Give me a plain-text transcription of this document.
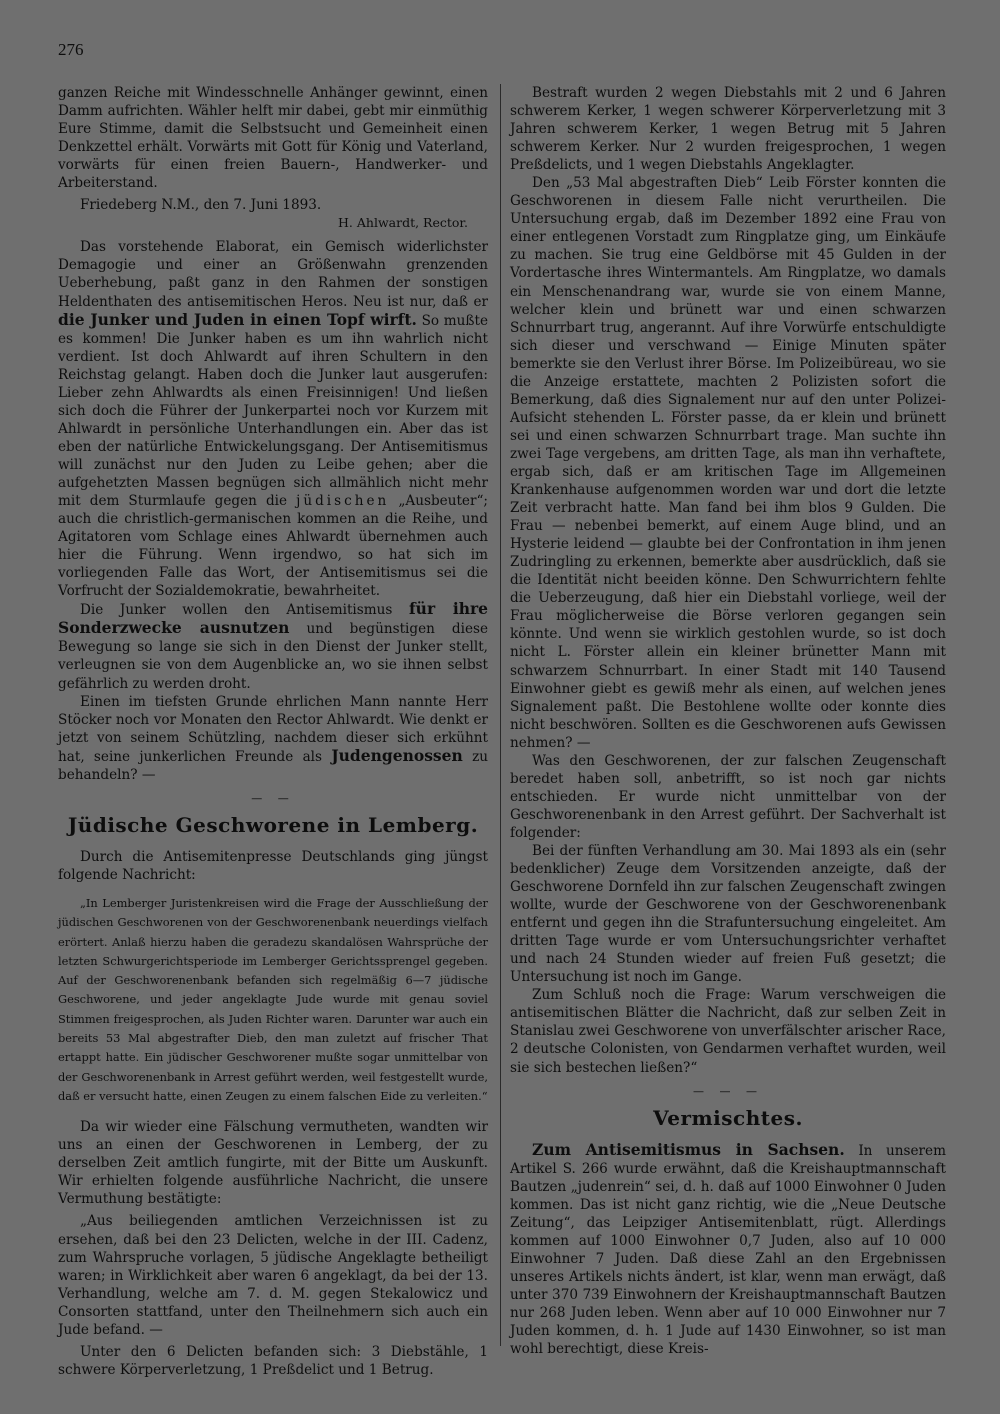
276

ganzen Reiche mit Windesschnelle Anhänger gewinnt, einen Damm aufrichten. Wähler helft mir dabei, gebt mir einmüthig Eure Stimme, damit die Selbstsucht und Gemeinheit einen Denkzettel erhält. Vorwärts mit Gott für König und Vaterland, vorwärts für einen freien Bauern-, Handwerker- und Arbeiterstand.

Friedeberg N.M., den 7. Juni 1893.
H. Ahlwardt, Rector.

Das vorstehende Elaborat, ein Gemisch widerlichster Demagogie und einer an Größenwahn grenzenden Ueberhebung, paßt ganz in den Rahmen der sonstigen Heldenthaten des antisemitischen Heros. Neu ist nur, daß er die Junker und Juden in einen Topf wirft. So mußte es kommen! Die Junker haben es um ihn wahrlich nicht verdient. Ist doch Ahlwardt auf ihren Schultern in den Reichstag gelangt. Haben doch die Junker laut ausgerufen: Lieber zehn Ahlwardts als einen Freisinnigen! Und ließen sich doch die Führer der Junkerpartei noch vor Kurzem mit Ahlwardt in persönliche Unterhandlungen ein. Aber das ist eben der natürliche Entwickelungsgang. Der Antisemitismus will zunächst nur den Juden zu Leibe gehen; aber die aufgehetzten Massen begnügen sich allmählich nicht mehr mit dem Sturmlaufe gegen die jüdischen „Ausbeuter“; auch die christlich-germanischen kommen an die Reihe, und Agitatoren vom Schlage eines Ahlwardt übernehmen auch hier die Führung. Wenn irgendwo, so hat sich im vorliegenden Falle das Wort, der Antisemitismus sei die Vorfrucht der Sozialdemokratie, bewahrheitet.

Die Junker wollen den Antisemitismus für ihre Sonderzwecke ausnutzen und begünstigen diese Bewegung so lange sie sich in den Dienst der Junker stellt, verleugnen sie von dem Augenblicke an, wo sie ihnen selbst gefährlich zu werden droht.

Einen im tiefsten Grunde ehrlichen Mann nannte Herr Stöcker noch vor Monaten den Rector Ahlwardt. Wie denkt er jetzt von seinem Schützling, nachdem dieser sich erkühnt hat, seine junkerlichen Freunde als Judengenossen zu behandeln? —

— —
Jüdische Geschworene in Lemberg.

Durch die Antisemitenpresse Deutschlands ging jüngst folgende Nachricht:

„In Lemberger Juristenkreisen wird die Frage der Ausschließung der jüdischen Geschworenen von der Geschworenenbank neuerdings vielfach erörtert. Anlaß hierzu haben die geradezu skandalösen Wahrsprüche der letzten Schwurgerichtsperiode im Lemberger Gerichtssprengel gegeben. Auf der Geschworenenbank befanden sich regelmäßig 6—7 jüdische Geschworene, und jeder angeklagte Jude wurde mit genau soviel Stimmen freigesprochen, als Juden Richter waren. Darunter war auch ein bereits 53 Mal abgestrafter Dieb, den man zuletzt auf frischer That ertappt hatte. Ein jüdischer Geschworener mußte sogar unmittelbar von der Geschworenenbank in Arrest geführt werden, weil festgestellt wurde, daß er versucht hatte, einen Zeugen zu einem falschen Eide zu verleiten.“

Da wir wieder eine Fälschung vermutheten, wandten wir uns an einen der Geschworenen in Lemberg, der zu derselben Zeit amtlich fungirte, mit der Bitte um Auskunft. Wir erhielten folgende ausführliche Nachricht, die unsere Vermuthung bestätigte:

„Aus beiliegenden amtlichen Verzeichnissen ist zu ersehen, daß bei den 23 Delicten, welche in der III. Cadenz, zum Wahrspruche vorlagen, 5 jüdische Angeklagte betheiligt waren; in Wirklichkeit aber waren 6 angeklagt, da bei der 13. Verhandlung, welche am 7. d. M. gegen Stekalowicz und Consorten stattfand, unter den Theilnehmern sich auch ein Jude befand. —

Unter den 6 Delicten befanden sich: 3 Diebstähle, 1 schwere Körperverletzung, 1 Preßdelict und 1 Betrug.

Bestraft wurden 2 wegen Diebstahls mit 2 und 6 Jahren schwerem Kerker, 1 wegen schwerer Körperverletzung mit 3 Jahren schwerem Kerker, 1 wegen Betrug mit 5 Jahren schwerem Kerker. Nur 2 wurden freigesprochen, 1 wegen Preßdelicts, und 1 wegen Diebstahls Angeklagter.

Den „53 Mal abgestraften Dieb“ Leib Förster konnten die Geschworenen in diesem Falle nicht verurtheilen. Die Untersuchung ergab, daß im Dezember 1892 eine Frau von einer entlegenen Vorstadt zum Ringplatze ging, um Einkäufe zu machen. Sie trug eine Geldbörse mit 45 Gulden in der Vordertasche ihres Wintermantels. Am Ringplatze, wo damals ein Menschenandrang war, wurde sie von einem Manne, welcher klein und brünett war und einen schwarzen Schnurrbart trug, angerannt. Auf ihre Vorwürfe entschuldigte sich dieser und verschwand — Einige Minuten später bemerkte sie den Verlust ihrer Börse. Im Polizeibüreau, wo sie die Anzeige erstattete, machten 2 Polizisten sofort die Bemerkung, daß dies Signalement nur auf den unter Polizei-Aufsicht stehenden L. Förster passe, da er klein und brünett sei und einen schwarzen Schnurrbart trage. Man suchte ihn zwei Tage vergebens, am dritten Tage, als man ihn verhaftete, ergab sich, daß er am kritischen Tage im Allgemeinen Krankenhause aufgenommen worden war und dort die letzte Zeit verbracht hatte. Man fand bei ihm blos 9 Gulden. Die Frau — nebenbei bemerkt, auf einem Auge blind, und an Hysterie leidend — glaubte bei der Confrontation in ihm jenen Zudringling zu erkennen, bemerkte aber ausdrücklich, daß sie die Identität nicht beeiden könne. Den Schwurrichtern fehlte die Ueberzeugung, daß hier ein Diebstahl vorliege, weil der Frau möglicherweise die Börse verloren gegangen sein könnte. Und wenn sie wirklich gestohlen wurde, so ist doch nicht L. Förster allein ein kleiner brünetter Mann mit schwarzem Schnurrbart. In einer Stadt mit 140 Tausend Einwohner giebt es gewiß mehr als einen, auf welchen jenes Signalement paßt. Die Bestohlene wollte oder konnte dies nicht beschwören. Sollten es die Geschworenen aufs Gewissen nehmen? —

Was den Geschworenen, der zur falschen Zeugenschaft beredet haben soll, anbetrifft, so ist noch gar nichts entschieden. Er wurde nicht unmittelbar von der Geschworenenbank in den Arrest geführt. Der Sachverhalt ist folgender:

Bei der fünften Verhandlung am 30. Mai 1893 als ein (sehr bedenklicher) Zeuge dem Vorsitzenden anzeigte, daß der Geschworene Dornfeld ihn zur falschen Zeugenschaft zwingen wollte, wurde der Geschworene von der Geschworenenbank entfernt und gegen ihn die Strafuntersuchung eingeleitet. Am dritten Tage wurde er vom Untersuchungsrichter verhaftet und nach 24 Stunden wieder auf freien Fuß gesetzt; die Untersuchung ist noch im Gange.

Zum Schluß noch die Frage: Warum verschweigen die antisemitischen Blätter die Nachricht, daß zur selben Zeit in Stanislau zwei Geschworene von unverfälschter arischer Race, 2 deutsche Colonisten, von Gendarmen verhaftet wurden, weil sie sich bestechen ließen?“

— — —
Vermischtes.

Zum Antisemitismus in Sachsen. In unserem Artikel S. 266 wurde erwähnt, daß die Kreishauptmannschaft Bautzen „judenrein“ sei, d. h. daß auf 1000 Einwohner 0 Juden kommen. Das ist nicht ganz richtig, wie die „Neue Deutsche Zeitung“, das Leipziger Antisemitenblatt, rügt. Allerdings kommen auf 1000 Einwohner 0,7 Juden, also auf 10 000 Einwohner 7 Juden. Daß diese Zahl an den Ergebnissen unseres Artikels nichts ändert, ist klar, wenn man erwägt, daß unter 370 739 Einwohnern der Kreishauptmannschaft Bautzen nur 268 Juden leben. Wenn aber auf 10 000 Einwohner nur 7 Juden kommen, d. h. 1 Jude auf 1430 Einwohner, so ist man wohl berechtigt, diese Kreis-
